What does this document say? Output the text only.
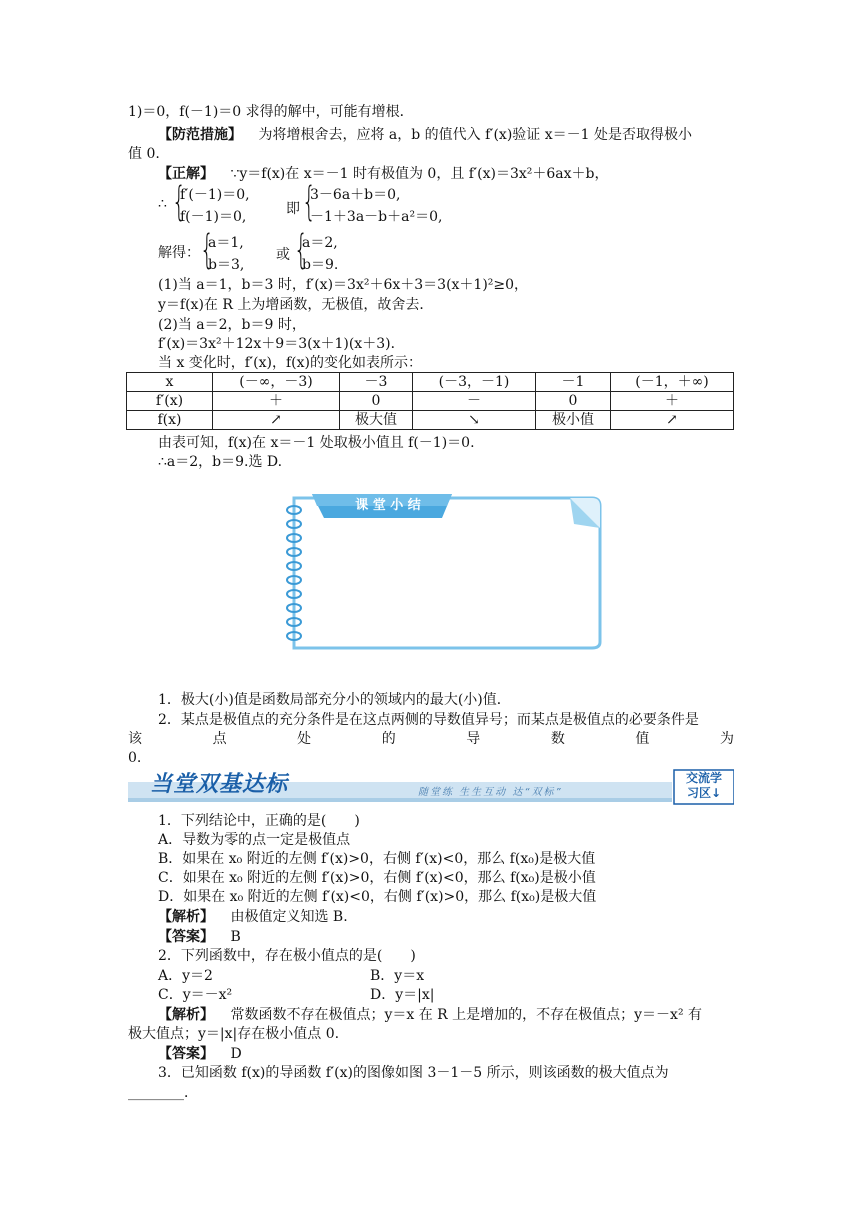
1)＝0，f(－1)＝0 求得的解中，可能有增根．
【防范措施】 为将增根舍去，应将 a，b 的值代入 f′(x)验证 x＝－1 处是否取得极小
值 0.
【正解】 ∵y＝f(x)在 x＝－1 时有极值为 0，且 f′(x)＝3x²＋6ax＋b，
∴ {
f′(－1)＝0,
f(－1)＝0,	即 {
3－6a＋b＝0,
－1＋3a－b＋a²＝0,
解得： {
a＝1,
b＝3,
或 {
a＝2,
b＝9.
(1)当 a＝1，b＝3 时，f′(x)＝3x²＋6x＋3＝3(x＋1)²≥0，
y＝f(x)在 R 上为增函数，无极值，故舍去．
(2)当 a＝2，b＝9 时，
f′(x)＝3x²＋12x＋9＝3(x＋1)(x＋3)．
当 x 变化时，f′(x)，f(x)的变化如表所示：
x	(－∞，－3)	－3	(－3，－1)	－1	(－1，＋∞)
f′(x)	＋	0	－	0	＋
f(x)	↗	极大值	↘	极小值	↗
由表可知，f(x)在 x＝－1 处取极小值且 f(－1)＝0.
∴a＝2，b＝9.选 D.
课 堂 小 结
1．极大(小)值是函数局部充分小的领域内的最大(小)值．
2．某点是极值点的充分条件是在这点两侧的导数值异号；而某点是极值点的必要条件是
该	点	处	的	导	数	值	为
0.
当堂双基达标	随堂练 生生互动 达“双标”
交流学
习区↓
1．下列结论中，正确的是(　　)
A．导数为零的点一定是极值点
B．如果在 x₀ 附近的左侧 f′(x)>0，右侧 f′(x)<0，那么 f(x₀)是极大值
C．如果在 x₀ 附近的左侧 f′(x)>0，右侧 f′(x)<0，那么 f(x₀)是极小值
D．如果在 x₀ 附近的左侧 f′(x)<0，右侧 f′(x)>0，那么 f(x₀)是极大值
【解析】 由极值定义知选 B.
【答案】 B
2．下列函数中，存在极小值点的是(　　)
A．y＝2	B．y＝x
C．y＝－x²	D．y＝|x|
【解析】 常数函数不存在极值点；y＝x 在 R 上是增加的，不存在极值点；y＝－x² 有
极大值点；y＝|x|存在极小值点 0.
【答案】 D
3．已知函数 f(x)的导函数 f′(x)的图像如图 3－1－5 所示，则该函数的极大值点为
________．
